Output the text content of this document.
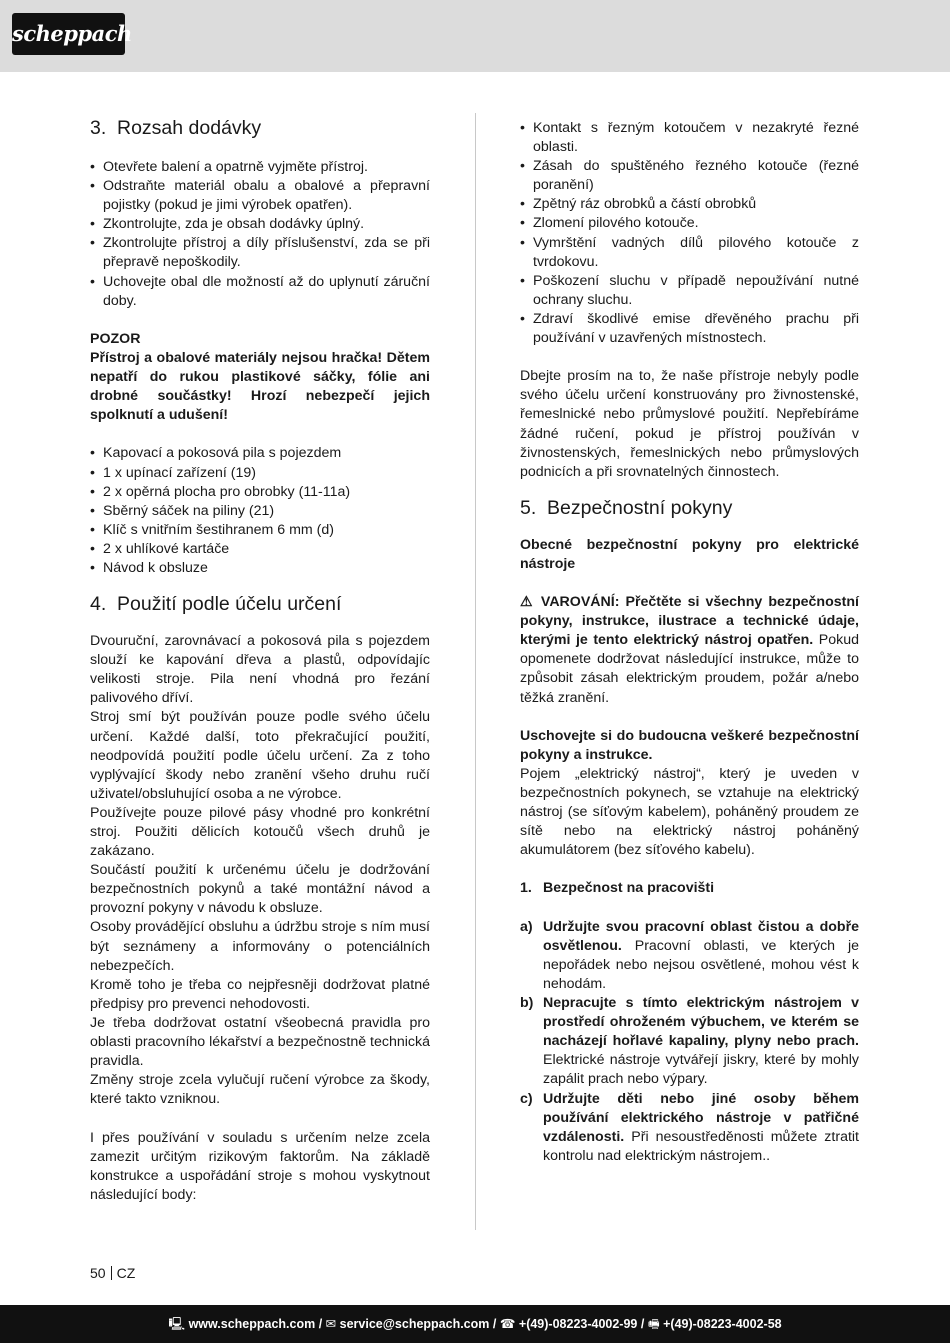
scheppach
3. Rozsah dodávky
• Otevřete balení a opatrně vyjměte přístroj.
• Odstraňte materiál obalu a obalové a přepravní pojistky (pokud je jimi výrobek opatřen).
• Zkontrolujte, zda je obsah dodávky úplný.
• Zkontrolujte přístroj a díly příslušenství, zda se při přepravě nepoškodily.
• Uchovejte obal dle možností až do uplynutí záruční doby.

POZOR

Přístroj a obalové materiály nejsou hračka! Dětem nepatří do rukou plastikové sáčky, fólie ani drobné součástky! Hrozí nebezpečí jejich spolknutí a udušení!

• Kapovací a pokosová pila s pojezdem
• 1 x upínací zařízení (19)
• 2 x opěrná plocha pro obrobky (11-11a)
• Sběrný sáček na piliny (21)
• Klíč s vnitřním šestihranem 6 mm (d)
• 2 x uhlíkové kartáče
• Návod k obsluze
4. Použití podle účelu určení

Dvouruční, zarovnávací a pokosová pila s pojezdem slouží ke kapování dřeva a plastů, odpovídajíc velikosti stroje. Pila není vhodná pro řezání palivového dříví.

Stroj smí být používán pouze podle svého účelu určení. Každé další, toto překračující použití, neodpovídá použití podle účelu určení. Za z toho vyplývající škody nebo zranění všeho druhu ručí uživatel/obsluhující osoba a ne výrobce.

Používejte pouze pilové pásy vhodné pro konkrétní stroj. Použiti dělicích kotoučů všech druhů je zakázano.

Součástí použití k určenému účelu je dodržování bezpečnostních pokynů a také montážní návod a provozní pokyny v návodu k obsluze.

Osoby provádějící obsluhu a údržbu stroje s ním musí být seznámeny a informovány o potenciálních nebezpečích.

Kromě toho je třeba co nejpřesněji dodržovat platné předpisy pro prevenci nehodovosti.

Je třeba dodržovat ostatní všeobecná pravidla pro oblasti pracovního lékařství a bezpečnostně technická pravidla.

Změny stroje zcela vylučují ručení výrobce za škody, které takto vzniknou.

I přes používání v souladu s určením nelze zcela zamezit určitým rizikovým faktorům. Na základě konstrukce a uspořádání stroje s mohou vyskytnout následující body:

• Kontakt s řezným kotoučem v nezakryté řezné oblasti.
• Zásah do spuštěného řezného kotouče (řezné poranění)
• Zpětný ráz obrobků a částí obrobků
• Zlomení pilového kotouče.
• Vymrštění vadných dílů pilového kotouče z tvrdokovu.
• Poškození sluchu v případě nepoužívání nutné ochrany sluchu.
• Zdraví škodlivé emise dřevěného prachu při používání v uzavřených místnostech.

Dbejte prosím na to, že naše přístroje nebyly podle svého účelu určení konstruovány pro živnostenské, řemeslnické nebo průmyslové použití. Nepřebíráme žádné ručení, pokud je přístroj používán v živnostenských, řemeslnických nebo průmyslových podnicích a při srovnatelných činnostech.

5. Bezpečnostní pokyny

Obecné bezpečnostní pokyny pro elektrické nástroje

⚠ VAROVÁNÍ: Přečtěte si všechny bezpečnostní pokyny, instrukce, ilustrace a technické údaje, kterými je tento elektrický nástroj opatřen. Pokud opomenete dodržovat následující instrukce, může to způsobit zásah elektrickým proudem, požár a/nebo těžká zranění.

Uschovejte si do budoucna veškeré bezpečnostní pokyny a instrukce.

Pojem „elektrický nástroj“, který je uveden v bezpečnostních pokynech, se vztahuje na elektrický nástroj (se síťovým kabelem), poháněný proudem ze sítě nebo na elektrický nástroj poháněný akumulátorem (bez síťového kabelu).

1. Bezpečnost na pracovišti
a) Udržujte svou pracovní oblast čistou a dobře osvětlenou. Pracovní oblasti, ve kterých je nepořádek nebo nejsou osvětlené, mohou vést k nehodám.
b) Nepracujte s tímto elektrickým nástrojem v prostředí ohroženém výbuchem, ve kterém se nacházejí hořlavé kapaliny, plyny nebo prach. Elektrické nástroje vytvářejí jiskry, které by mohly zapálit prach nebo výpary.
c) Udržujte děti nebo jiné osoby během používání elektrického nástroje v patřičné vzdálenosti. Při nesoustředěnosti můžete ztratit kontrolu nad elektrickým nástrojem..
50 CZ
🖳 www.scheppach.com / ✉ service@scheppach.com / ☎ +(49)-08223-4002-99 / 🖷 +(49)-08223-4002-58
